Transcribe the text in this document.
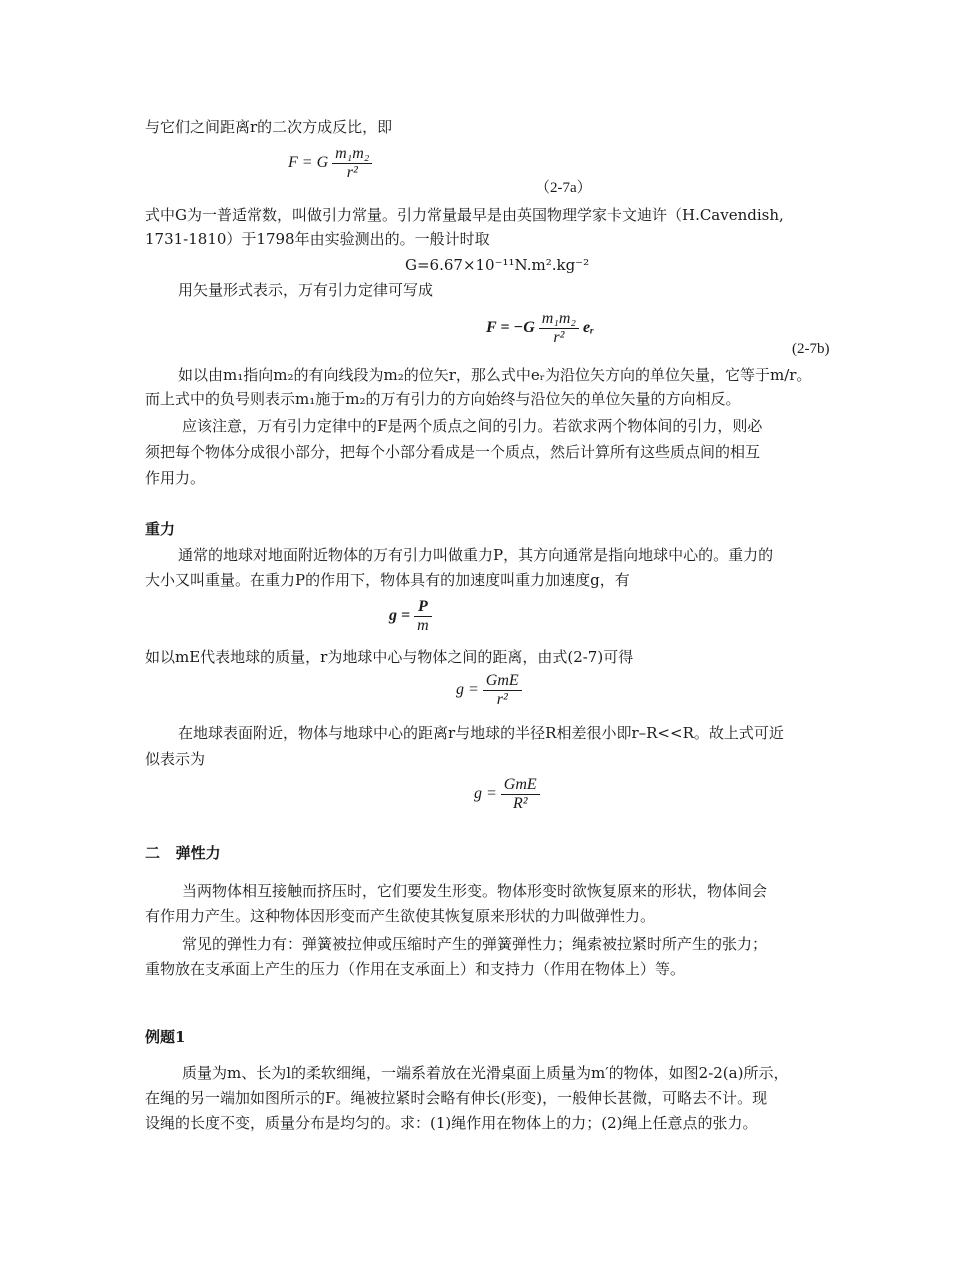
与它们之间距离r的二次方成反比，即
F = G $\frac{\text{m₁m₂}}{\text{r²}}$
（2-7a）
式中G为一普适常数，叫做引力常量。引力常量最早是由英国物理学家卡文迪许（H.Cavendish,
1731-1810）于1798年由实验测出的。一般计时取
G=6.67×10⁻¹¹N.m².kg⁻²
用矢量形式表示，万有引力定律可写成
$F = -G \frac{\text{m₁m₂}}{\text{r²}}$ eᵣ
(2-7b)
如以由m₁指向m₂的有向线段为m₂的位矢r，那么式中eᵣ为沿位矢方向的单位矢量，它等于m/r。
而上式中的负号则表示m₁施于m₂的万有引力的方向始终与沿位矢的单位矢量的方向相反。
应该注意，万有引力定律中的F是两个质点之间的引力。若欲求两个物体间的引力，则必
须把每个物体分成很小部分，把每个小部分看成是一个质点，然后计算所有这些质点间的相互
作用力。
重力
通常的地球对地面附近物体的万有引力叫做重力P，其方向通常是指向地球中心的。重力的
大小又叫重量。在重力P的作用下，物体具有的加速度叫重力加速度g，有
$g = \frac{P}{m}$
如以mE代表地球的质量，r为地球中心与物体之间的距离，由式(2-7)可得
$g = \frac{\text{GmE}}{\text{r²}}$
在地球表面附近，物体与地球中心的距离r与地球的半径R相差很小即r–R<<R。故上式可近
似表示为
$g = \frac{\text{GmE}}{\text{R²}}$
二   弹性力
当两物体相互接触而挤压时，它们要发生形变。物体形变时欲恢复原来的形状，物体间会
有作用力产生。这种物体因形变而产生欲使其恢复原来形状的力叫做弹性力。
常见的弹性力有：弹簧被拉伸或压缩时产生的弹簧弹性力；绳索被拉紧时所产生的张力；
重物放在支承面上产生的压力（作用在支承面上）和支持力（作用在物体上）等。
例题1
质量为m、长为l的柔软细绳，一端系着放在光滑桌面上质量为m′的物体，如图2-2(a)所示，
在绳的另一端加如图所示的F。绳被拉紧时会略有伸长(形变)，一般伸长甚微，可略去不计。现
设绳的长度不变，质量分布是均匀的。求：(1)绳作用在物体上的力；(2)绳上任意点的张力。
